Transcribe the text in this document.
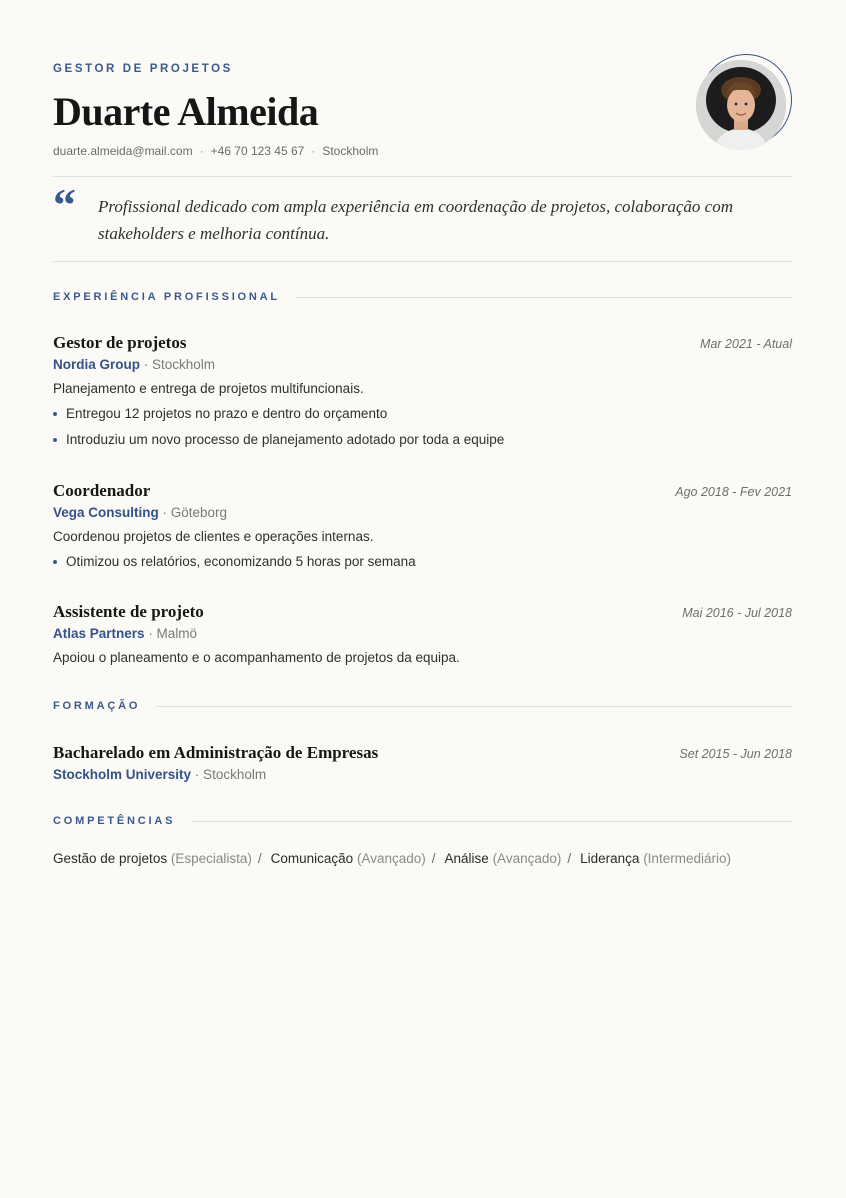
GESTOR DE PROJETOS
Duarte Almeida
duarte.almeida@mail.com · +46 70 123 45 67 · Stockholm
“ Profissional dedicado com ampla experiência em coordenação de projetos, colaboração com stakeholders e melhoria contínua.
EXPERIÊNCIA PROFISSIONAL
Gestor de projetos	Mar 2021 - Atual
Nordia Group · Stockholm
Planejamento e entrega de projetos multifuncionais.
Entregou 12 projetos no prazo e dentro do orçamento
Introduziu um novo processo de planejamento adotado por toda a equipe
Coordenador	Ago 2018 - Fev 2021
Vega Consulting · Göteborg
Coordenou projetos de clientes e operações internas.
Otimizou os relatórios, economizando 5 horas por semana
Assistente de projeto	Mai 2016 - Jul 2018
Atlas Partners · Malmö
Apoiou o planeamento e o acompanhamento de projetos da equipa.
FORMAÇÃO
Bacharelado em Administração de Empresas	Set 2015 - Jun 2018
Stockholm University · Stockholm
COMPETÊNCIAS
Gestão de projetos (Especialista) / Comunicação (Avançado) / Análise (Avançado) / Liderança (Intermediário)
